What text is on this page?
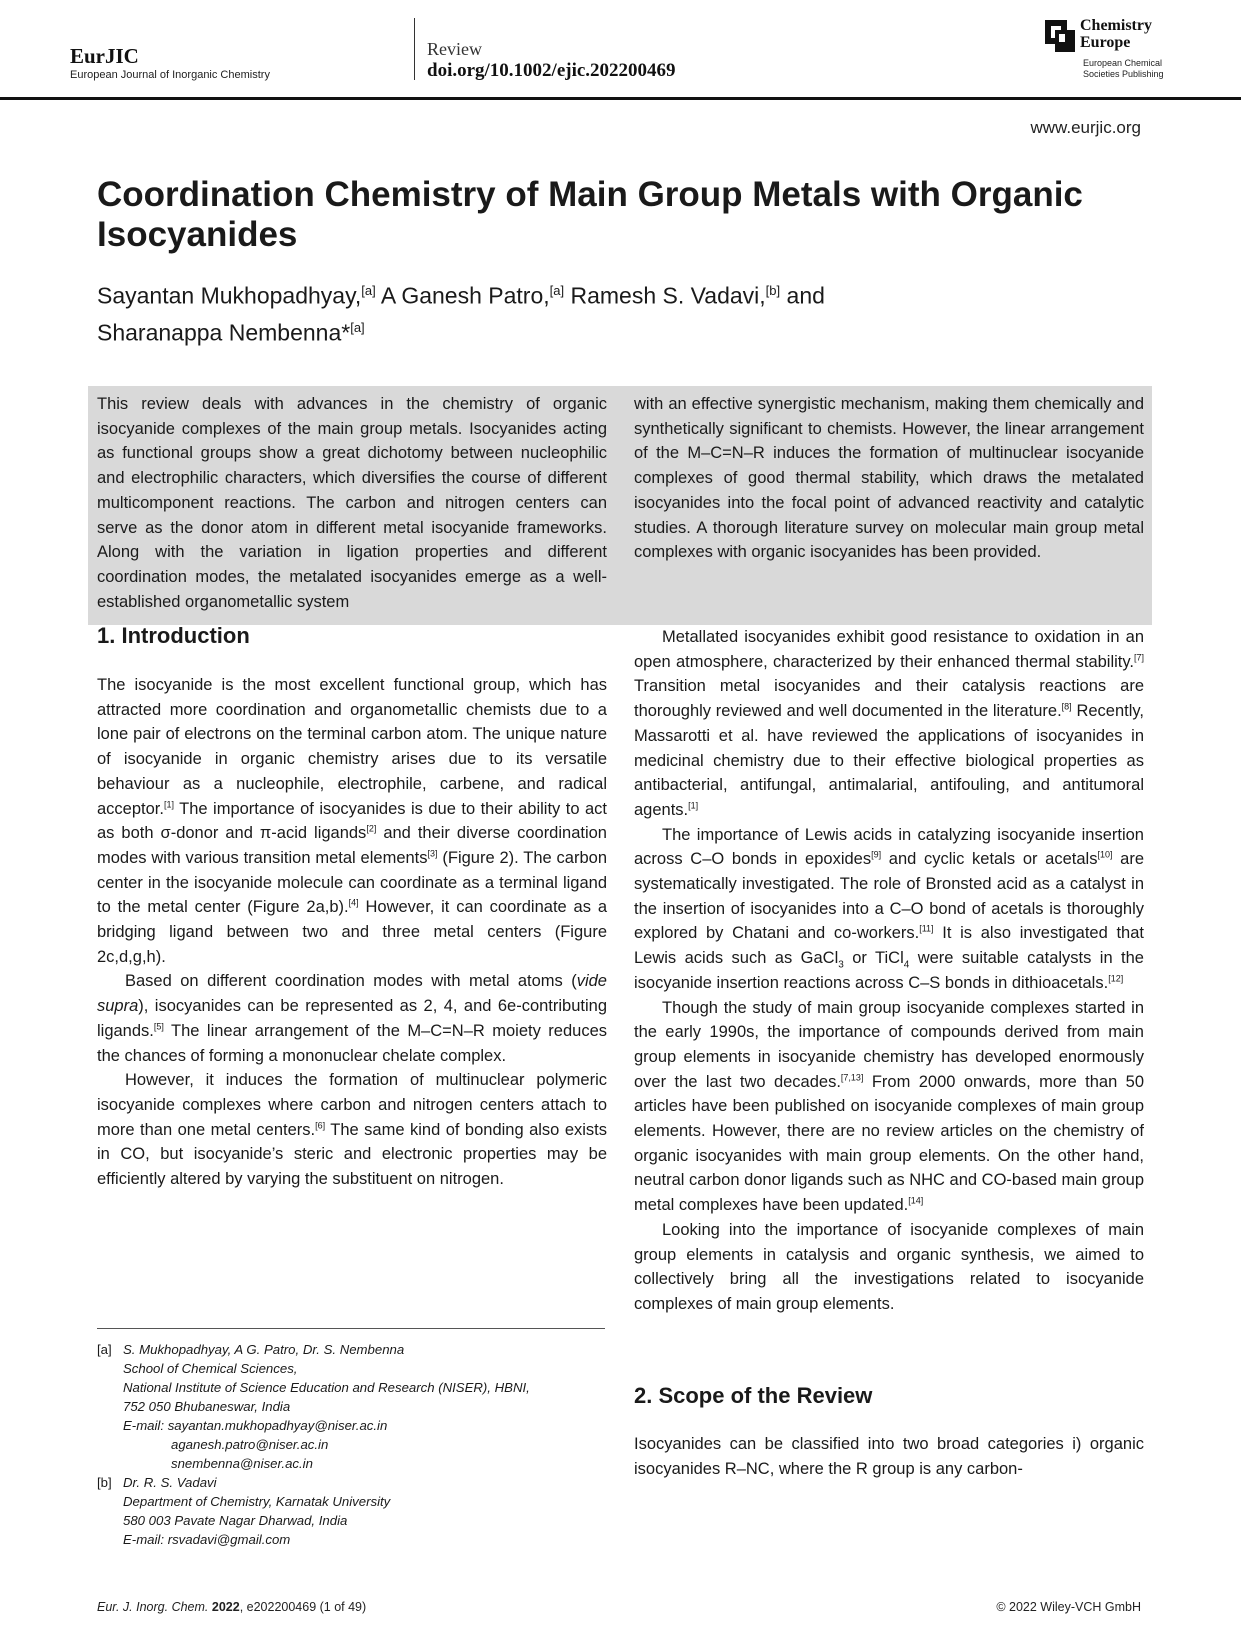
EurJIC
European Journal of Inorganic Chemistry
Review
doi.org/10.1002/ejic.202200469
Chemistry
Europe
European Chemical
Societies Publishing
www.eurjic.org
Coordination Chemistry of Main Group Metals with Organic Isocyanides
Sayantan Mukhopadhyay,[a] A Ganesh Patro,[a] Ramesh S. Vadavi,[b] and
Sharanappa Nembenna*[a]
This review deals with advances in the chemistry of organic isocyanide complexes of the main group metals. Isocyanides acting as functional groups show a great dichotomy between nucleophilic and electrophilic characters, which diversifies the course of different multicomponent reactions. The carbon and nitrogen centers can serve as the donor atom in different metal isocyanide frameworks. Along with the variation in ligation properties and different coordination modes, the metalated isocyanides emerge as a well-established organometallic system
with an effective synergistic mechanism, making them chemically and synthetically significant to chemists. However, the linear arrangement of the M–C=N–R induces the formation of multinuclear isocyanide complexes of good thermal stability, which draws the metalated isocyanides into the focal point of advanced reactivity and catalytic studies. A thorough literature survey on molecular main group metal complexes with organic isocyanides has been provided.
1. Introduction

The isocyanide is the most excellent functional group, which has attracted more coordination and organometallic chemists due to a lone pair of electrons on the terminal carbon atom. The unique nature of isocyanide in organic chemistry arises due to its versatile behaviour as a nucleophile, electrophile, carbene, and radical acceptor.[1] The importance of isocyanides is due to their ability to act as both σ-donor and π-acid ligands[2] and their diverse coordination modes with various transition metal elements[3] (Figure 2). The carbon center in the isocyanide molecule can coordinate as a terminal ligand to the metal center (Figure 2a,b).[4] However, it can coordinate as a bridging ligand between two and three metal centers (Figure 2c,d,g,h).

Based on different coordination modes with metal atoms (vide supra), isocyanides can be represented as 2, 4, and 6e-contributing ligands.[5] The linear arrangement of the M–C=N–R moiety reduces the chances of forming a mononuclear chelate complex.

However, it induces the formation of multinuclear polymeric isocyanide complexes where carbon and nitrogen centers attach to more than one metal centers.[6] The same kind of bonding also exists in CO, but isocyanide’s steric and electronic properties may be efficiently altered by varying the substituent on nitrogen.

Metallated isocyanides exhibit good resistance to oxidation in an open atmosphere, characterized by their enhanced thermal stability.[7] Transition metal isocyanides and their catalysis reactions are thoroughly reviewed and well documented in the literature.[8] Recently, Massarotti et al. have reviewed the applications of isocyanides in medicinal chemistry due to their effective biological properties as antibacterial, antifungal, antimalarial, antifouling, and antitumoral agents.[1]

The importance of Lewis acids in catalyzing isocyanide insertion across C–O bonds in epoxides[9] and cyclic ketals or acetals[10] are systematically investigated. The role of Bronsted acid as a catalyst in the insertion of isocyanides into a C–O bond of acetals is thoroughly explored by Chatani and co-workers.[11] It is also investigated that Lewis acids such as GaCl$_3$ or TiCl$_4$ were suitable catalysts in the isocyanide insertion reactions across C–S bonds in dithioacetals.[12]

Though the study of main group isocyanide complexes started in the early 1990s, the importance of compounds derived from main group elements in isocyanide chemistry has developed enormously over the last two decades.[7,13] From 2000 onwards, more than 50 articles have been published on isocyanide complexes of main group elements. However, there are no review articles on the chemistry of organic isocyanides with main group elements. On the other hand, neutral carbon donor ligands such as NHC and CO-based main group metal complexes have been updated.[14]

Looking into the importance of isocyanide complexes of main group elements in catalysis and organic synthesis, we aimed to collectively bring all the investigations related to isocyanide complexes of main group elements.

2. Scope of the Review

Isocyanides can be classified into two broad categories i) organic isocyanides R–NC, where the R group is any carbon-

[a] S. Mukhopadhyay, A G. Patro, Dr. S. Nembenna
School of Chemical Sciences,
National Institute of Science Education and Research (NISER), HBNI,
752 050 Bhubaneswar, India
E-mail: sayantan.mukhopadhyay@niser.ac.in
aganesh.patro@niser.ac.in
snembenna@niser.ac.in
[b] Dr. R. S. Vadavi
Department of Chemistry, Karnatak University
580 003 Pavate Nagar Dharwad, India
E-mail: rsvadavi@gmail.com
Eur. J. Inorg. Chem. 2022, e202200469 (1 of 49)	© 2022 Wiley-VCH GmbH
